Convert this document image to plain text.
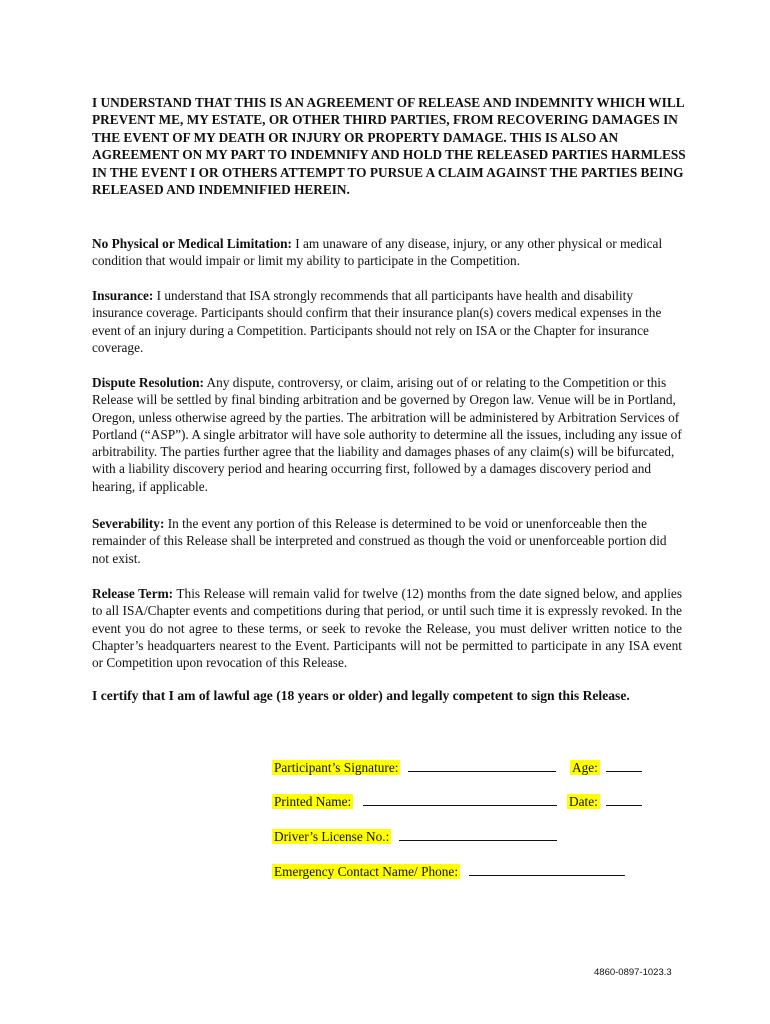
I UNDERSTAND THAT THIS IS AN AGREEMENT OF RELEASE AND INDEMNITY WHICH WILL PREVENT ME, MY ESTATE, OR OTHER THIRD PARTIES, FROM RECOVERING DAMAGES IN THE EVENT OF MY DEATH OR INJURY OR PROPERTY DAMAGE. THIS IS ALSO AN AGREEMENT ON MY PART TO INDEMNIFY AND HOLD THE RELEASED PARTIES HARMLESS IN THE EVENT I OR OTHERS ATTEMPT TO PURSUE A CLAIM AGAINST THE PARTIES BEING RELEASED AND INDEMNIFIED HEREIN.

No Physical or Medical Limitation: I am unaware of any disease, injury, or any other physical or medical condition that would impair or limit my ability to participate in the Competition.

Insurance: I understand that ISA strongly recommends that all participants have health and disability insurance coverage. Participants should confirm that their insurance plan(s) covers medical expenses in the event of an injury during a Competition. Participants should not rely on ISA or the Chapter for insurance coverage.

Dispute Resolution: Any dispute, controversy, or claim, arising out of or relating to the Competition or this Release will be settled by final binding arbitration and be governed by Oregon law. Venue will be in Portland, Oregon, unless otherwise agreed by the parties. The arbitration will be administered by Arbitration Services of Portland (“ASP”). A single arbitrator will have sole authority to determine all the issues, including any issue of arbitrability. The parties further agree that the liability and damages phases of any claim(s) will be bifurcated, with a liability discovery period and hearing occurring first, followed by a damages discovery period and hearing, if applicable.

Severability: In the event any portion of this Release is determined to be void or unenforceable then the remainder of this Release shall be interpreted and construed as though the void or unenforceable portion did not exist.

Release Term: This Release will remain valid for twelve (12) months from the date signed below, and applies to all ISA/Chapter events and competitions during that period, or until such time it is expressly revoked. In the event you do not agree to these terms, or seek to revoke the Release, you must deliver written notice to the Chapter’s headquarters nearest to the Event. Participants will not be permitted to participate in any ISA event or Competition upon revocation of this Release.

I certify that I am of lawful age (18 years or older) and legally competent to sign this Release.

Participant’s Signature:	Age:
Printed Name:	Date:
Driver’s License No.:
Emergency Contact Name/ Phone:
4860-0897-1023.3
